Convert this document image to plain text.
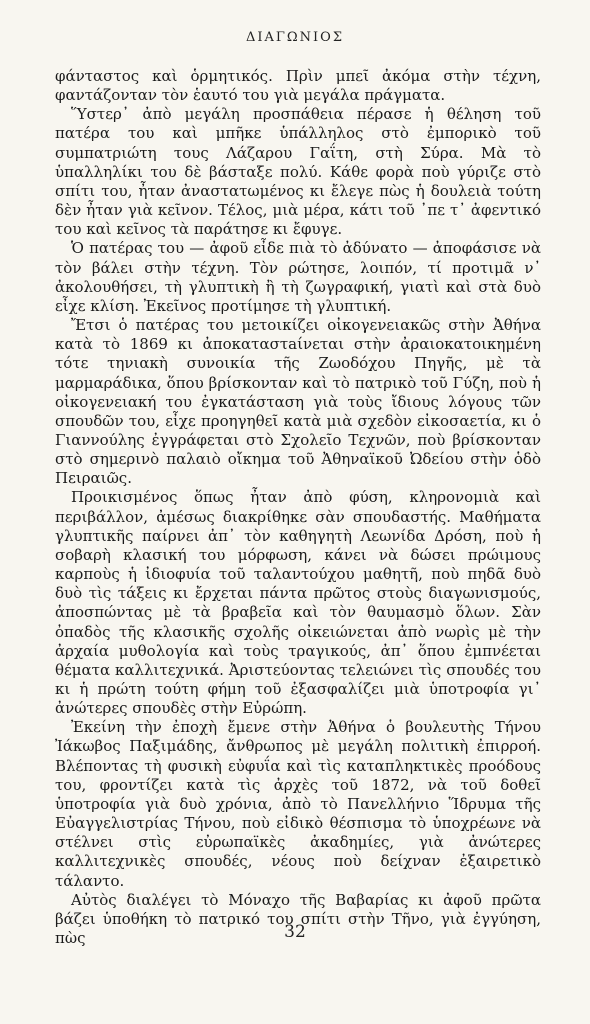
ΔΙΑΓΩΝΙΟΣ

φάνταστος καὶ ὁρμητικός. Πρὶν μπεῖ ἀκόμα στὴν τέχνη, φαντάζονταν τὸν ἑαυτό του γιὰ μεγάλα πράγματα.

Ὕστερ᾽ ἀπὸ μεγάλη προσπάθεια πέρασε ἡ θέληση τοῦ πατέρα του καὶ μπῆκε ὑπάλληλος στὸ ἐμπορικὸ τοῦ συμπατριώτη τους Λάζαρου Γαΐτη, στὴ Σύρα. Μὰ τὸ ὑπαλληλίκι του δὲ βάσταξε πολύ. Κάθε φορὰ ποὺ γύριζε στὸ σπίτι του, ἦταν ἀναστατωμένος κι ἔλεγε πὼς ἡ δουλειὰ τούτη δὲν ἦταν γιὰ κεῖνον. Τέλος, μιὰ μέρα, κάτι τοῦ ᾽πε τ᾽ ἀφεντικό του καὶ κεῖνος τὰ παράτησε κι ἔφυγε.

Ὁ πατέρας του — ἀφοῦ εἶδε πιὰ τὸ ἀδύνατο — ἀποφάσισε νὰ τὸν βάλει στὴν τέχνη. Τὸν ρώτησε, λοιπόν, τί προτιμᾶ ν᾽ ἀκολουθήσει, τὴ γλυπτικὴ ἢ τὴ ζωγραφική, γιατὶ καὶ στὰ δυὸ εἶχε κλίση. Ἐκεῖνος προτίμησε τὴ γλυπτική.

Ἔτσι ὁ πατέρας του μετοικίζει οἰκογενειακῶς στὴν Ἀθήνα κατὰ τὸ 1869 κι ἀποκαταστaίνεται στὴν ἀραιοκατοικημένη τότε τηνιακὴ συνοικία τῆς Ζωοδόχου Πηγῆς, μὲ τὰ μαρμαράδικα, ὅπου βρίσκονταν καὶ τὸ πατρικὸ τοῦ Γύζη, ποὺ ἡ οἰκογενειακή του ἐγκατάσταση γιὰ τοὺς ἴδιους λόγους τῶν σπουδῶν του, εἶχε προηγηθεῖ κατὰ μιὰ σχεδὸν εἰκοσαετία, κι ὁ Γιαννούλης ἐγγράφεται στὸ Σχολεῖο Τεχνῶν, ποὺ βρίσκονταν στὸ σημερινὸ παλαιὸ οἴκημα τοῦ Ἀθηναϊκοῦ Ὠδείου στὴν ὁδὸ Πειραιῶς.

Προικισμένος ὅπως ἦταν ἀπὸ φύση, κληρονομιὰ καὶ περιβάλλον, ἀμέσως διακρίθηκε σὰν σπουδαστής. Μαθήματα γλυπτικῆς παίρνει ἀπ᾽ τὸν καθηγητὴ Λεωνίδα Δρόση, ποὺ ἡ σοβαρὴ κλασική του μόρφωση, κάνει νὰ δώσει πρώιμους καρποὺς ἡ ἰδιοφυία τοῦ ταλαντούχου μαθητῆ, ποὺ πηδᾶ δυὸ δυὸ τὶς τάξεις κι ἔρχεται πάντα πρῶτος στοὺς διαγωνισμούς, ἀποσπώντας μὲ τὰ βραβεῖα καὶ τὸν θαυμασμὸ ὅλων. Σὰν ὀπαδὸς τῆς κλασικῆς σχολῆς οἰκειώνεται ἀπὸ νωρὶς μὲ τὴν ἀρχαία μυθολογία καὶ τοὺς τραγικούς, ἀπ᾽ ὅπου ἐμπνέεται θέματα καλλιτεχνικά. Ἀριστεύοντας τελειώνει τὶς σπουδές του κι ἡ πρώτη τούτη φήμη τοῦ ἐξασφαλίζει μιὰ ὑποτροφία γι᾽ ἀνώτερες σπουδὲς στὴν Εὐρώπη.

Ἐκείνη τὴν ἐποχὴ ἔμενε στὴν Ἀθήνα ὁ βουλευτὴς Τήνου Ἰάκωβος Παξιμάδης, ἄνθρωπος μὲ μεγάλη πολιτικὴ ἐπιρροή. Βλέποντας τὴ φυσικὴ εὐφυΐα καὶ τὶς καταπληκτικὲς προόδους του, φροντίζει κατὰ τὶς ἀρχὲς τοῦ 1872, νὰ τοῦ δοθεῖ ὑποτροφία γιὰ δυὸ χρόνια, ἀπὸ τὸ Πανελλήνιο Ἵδρυμα τῆς Εὐαγγελιστρίας Τήνου, ποὺ εἰδικὸ θέσπισμα τὸ ὑποχρέωνε νὰ στέλνει στὶς εὐρωπαϊκὲς ἀκαδημίες, γιὰ ἀνώτερες καλλιτεχνικὲς σπουδές, νέους ποὺ δείχναν ἐξαιρετικὸ τάλαντο.

Αὐτὸς διαλέγει τὸ Μόναχο τῆς Βαβαρίας κι ἀφοῦ πρῶτα βάζει ὑποθήκη τὸ πατρικό του σπίτι στὴν Τῆνο, γιὰ ἐγγύηση, πὼς	32
